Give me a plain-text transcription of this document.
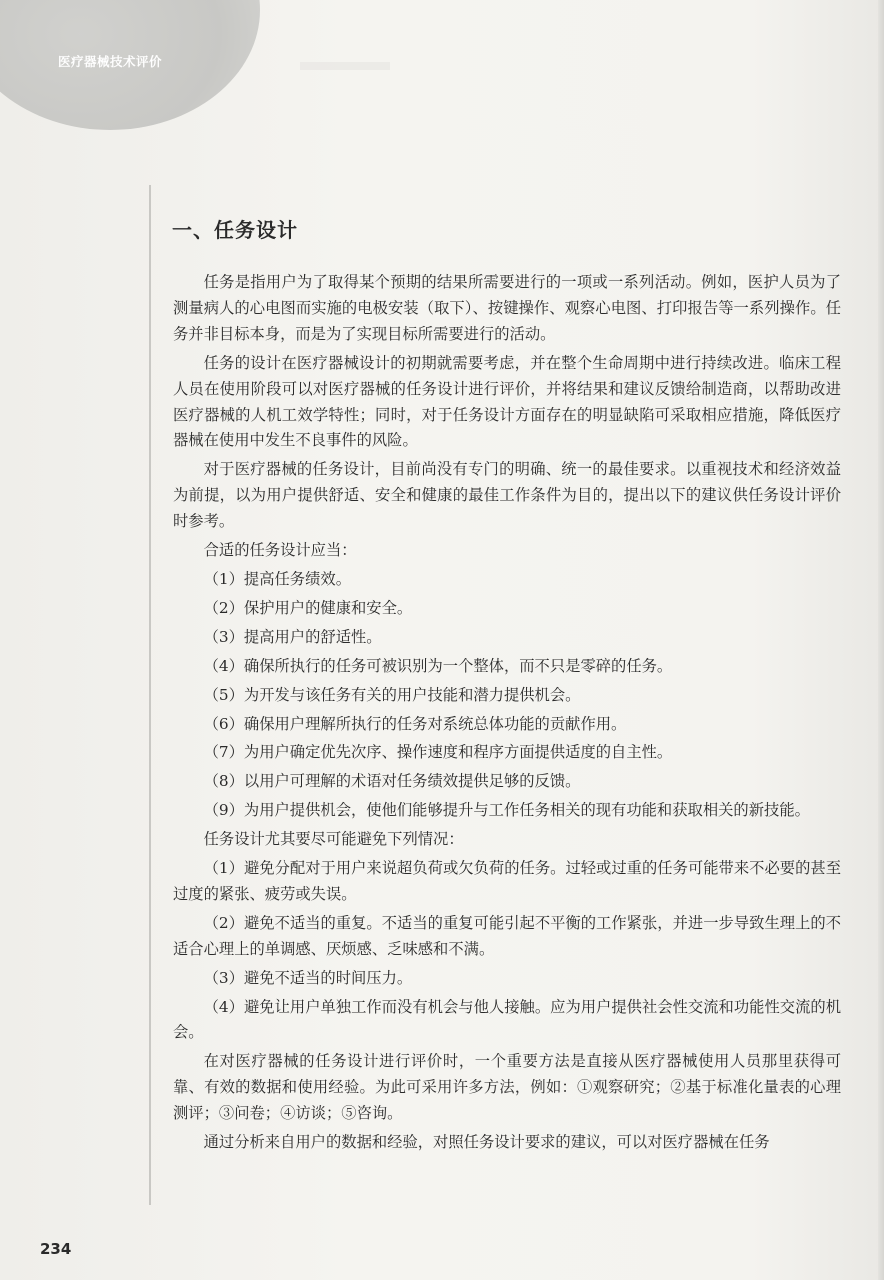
医疗器械技术评价
一、任务设计

任务是指用户为了取得某个预期的结果所需要进行的一项或一系列活动。例如，医护人员为了测量病人的心电图而实施的电极安装（取下）、按键操作、观察心电图、打印报告等一系列操作。任务并非目标本身，而是为了实现目标所需要进行的活动。

任务的设计在医疗器械设计的初期就需要考虑，并在整个生命周期中进行持续改进。临床工程人员在使用阶段可以对医疗器械的任务设计进行评价，并将结果和建议反馈给制造商，以帮助改进医疗器械的人机工效学特性；同时，对于任务设计方面存在的明显缺陷可采取相应措施，降低医疗器械在使用中发生不良事件的风险。

对于医疗器械的任务设计，目前尚没有专门的明确、统一的最佳要求。以重视技术和经济效益为前提，以为用户提供舒适、安全和健康的最佳工作条件为目的，提出以下的建议供任务设计评价时参考。

合适的任务设计应当：

（1）提高任务绩效。

（2）保护用户的健康和安全。

（3）提高用户的舒适性。

（4）确保所执行的任务可被识别为一个整体，而不只是零碎的任务。

（5）为开发与该任务有关的用户技能和潜力提供机会。

（6）确保用户理解所执行的任务对系统总体功能的贡献作用。

（7）为用户确定优先次序、操作速度和程序方面提供适度的自主性。

（8）以用户可理解的术语对任务绩效提供足够的反馈。

（9）为用户提供机会，使他们能够提升与工作任务相关的现有功能和获取相关的新技能。

任务设计尤其要尽可能避免下列情况：

（1）避免分配对于用户来说超负荷或欠负荷的任务。过轻或过重的任务可能带来不必要的甚至过度的紧张、疲劳或失误。

（2）避免不适当的重复。不适当的重复可能引起不平衡的工作紧张，并进一步导致生理上的不适合心理上的单调感、厌烦感、乏味感和不满。

（3）避免不适当的时间压力。

（4）避免让用户单独工作而没有机会与他人接触。应为用户提供社会性交流和功能性交流的机会。

在对医疗器械的任务设计进行评价时，一个重要方法是直接从医疗器械使用人员那里获得可靠、有效的数据和使用经验。为此可采用许多方法，例如：①观察研究；②基于标准化量表的心理测评；③问卷；④访谈；⑤咨询。

通过分析来自用户的数据和经验，对照任务设计要求的建议，可以对医疗器械在任务

234
